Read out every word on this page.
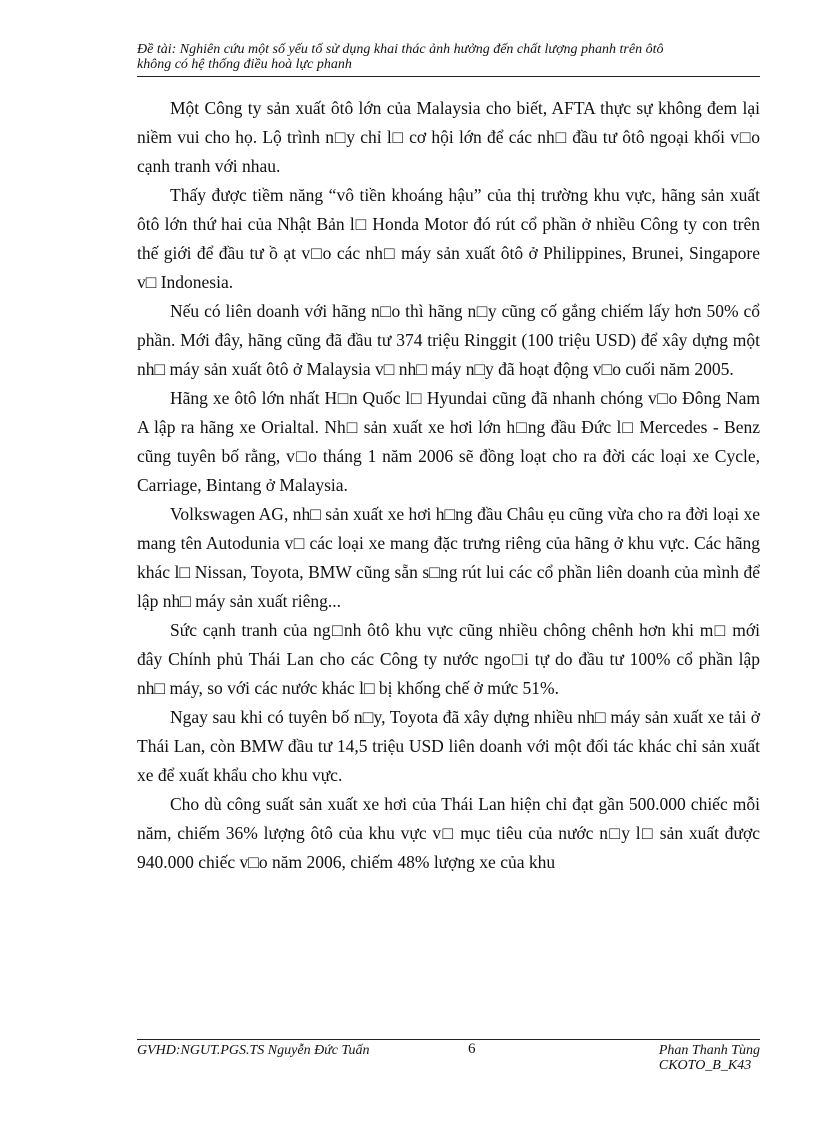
Đề tài: Nghiên cứu một số yếu tố sử dụng khai thác ảnh hưởng đến chất lượng phanh trên ôtô
không có hệ thống điều hoà lực phanh

Một Công ty sản xuất ôtô lớn của Malaysia cho biết, AFTA thực sự không đem lại niềm vui cho họ. Lộ trình n□y chỉ l□ cơ hội lớn để các nh□ đầu tư ôtô ngoại khối v□o cạnh tranh với nhau.

Thấy được tiềm năng “vô tiền khoáng hậu” của thị trường khu vực, hãng sản xuất ôtô lớn thứ hai của Nhật Bản l□ Honda Motor đó rút cổ phần ở nhiều Công ty con trên thế giới để đầu tư ồ ạt v□o các nh□ máy sản xuất ôtô ở Philippines, Brunei, Singapore v□ Indonesia.

Nếu có liên doanh với hãng n□o thì hãng n□y cũng cố gắng chiếm lấy hơn 50% cổ phần. Mới đây, hãng cũng đã đầu tư 374 triệu Ringgit (100 triệu USD) để xây dựng một nh□ máy sản xuất ôtô ở Malaysia v□ nh□ máy n□y đã hoạt động v□o cuối năm 2005.

Hãng xe ôtô lớn nhất H□n Quốc l□ Hyundai cũng đã nhanh chóng v□o Đông Nam A lập ra hãng xe Orialtal. Nh□ sản xuất xe hơi lớn h□ng đầu Đức l□ Mercedes - Benz cũng tuyên bố rằng, v□o tháng 1 năm 2006 sẽ đồng loạt cho ra đời các loại xe Cycle, Carriage, Bintang ở Malaysia.

Volkswagen AG, nh□ sản xuất xe hơi h□ng đầu Châu ẹu cũng vừa cho ra đời loại xe mang tên Autodunia v□ các loại xe mang đặc trưng riêng của hãng ở khu vực. Các hãng khác l□ Nissan, Toyota, BMW cũng sẵn s□ng rút lui các cổ phần liên doanh của mình để lập nh□ máy sản xuất riêng...

Sức cạnh tranh của ng□nh ôtô khu vực cũng nhiều chông chênh hơn khi m□ mới đây Chính phủ Thái Lan cho các Công ty nước ngo□i tự do đầu tư 100% cổ phần lập nh□ máy, so với các nước khác l□ bị khống chế ở mức 51%.

Ngay sau khi có tuyên bố n□y, Toyota đã xây dựng nhiều nh□ máy sản xuất xe tải ở Thái Lan, còn BMW đầu tư 14,5 triệu USD liên doanh với một đối tác khác chỉ sản xuất xe để xuất khẩu cho khu vực.

Cho dù công suất sản xuất xe hơi của Thái Lan hiện chỉ đạt gần 500.000 chiếc mỗi năm, chiếm 36% lượng ôtô của khu vực v□ mục tiêu của nước n□y l□ sản xuất được 940.000 chiếc v□o năm 2006, chiếm 48% lượng xe của khu

GVHD:NGUT.PGS.TS Nguyễn Đức Tuấn	6	Phan Thanh Tùng
CKOTO_B_K43
